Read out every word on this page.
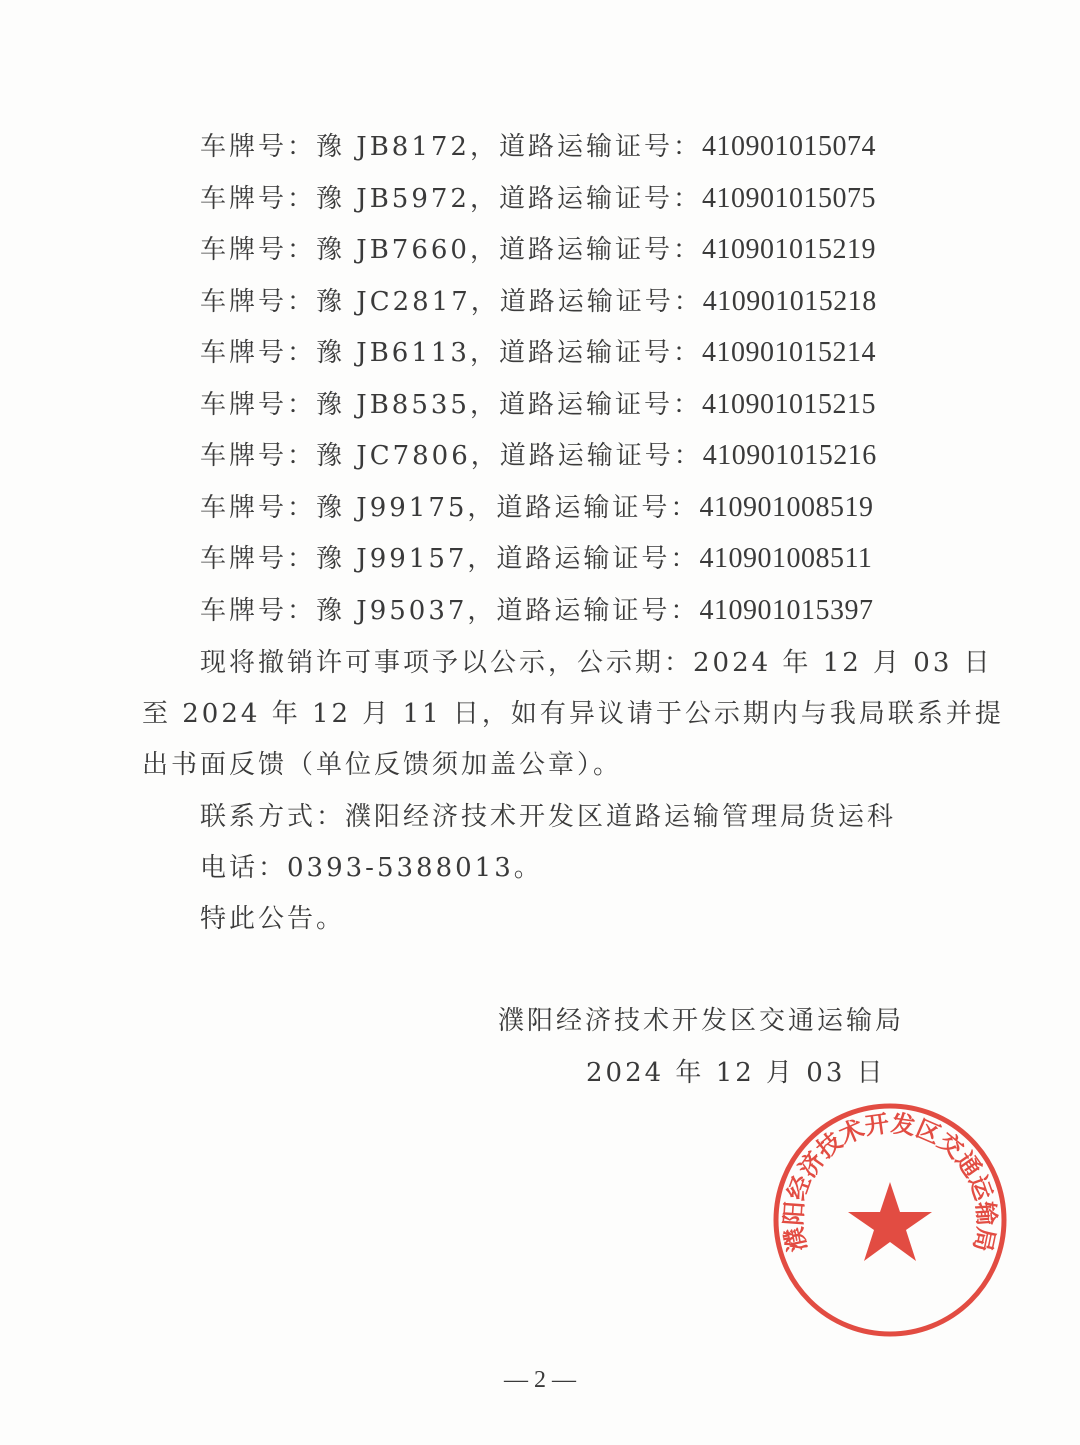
车牌号：豫 JB8172，道路运输证号：410901015074
车牌号：豫 JB5972，道路运输证号：410901015075
车牌号：豫 JB7660，道路运输证号：410901015219
车牌号：豫 JC2817，道路运输证号：410901015218
车牌号：豫 JB6113，道路运输证号：410901015214
车牌号：豫 JB8535，道路运输证号：410901015215
车牌号：豫 JC7806，道路运输证号：410901015216
车牌号：豫 J99175，道路运输证号：410901008519
车牌号：豫 J99157，道路运输证号：410901008511
车牌号：豫 J95037，道路运输证号：410901015397
现将撤销许可事项予以公示，公示期：2024 年 12 月 03 日
至 2024 年 12 月 11 日，如有异议请于公示期内与我局联系并提
出书面反馈（单位反馈须加盖公章）。
联系方式：濮阳经济技术开发区道路运输管理局货运科
电话：0393-5388013。
特此公告。
濮阳经济技术开发区交通运输局
2024 年 12 月 03 日
濮阳经济技术开发区交通运输局
— 2 —
